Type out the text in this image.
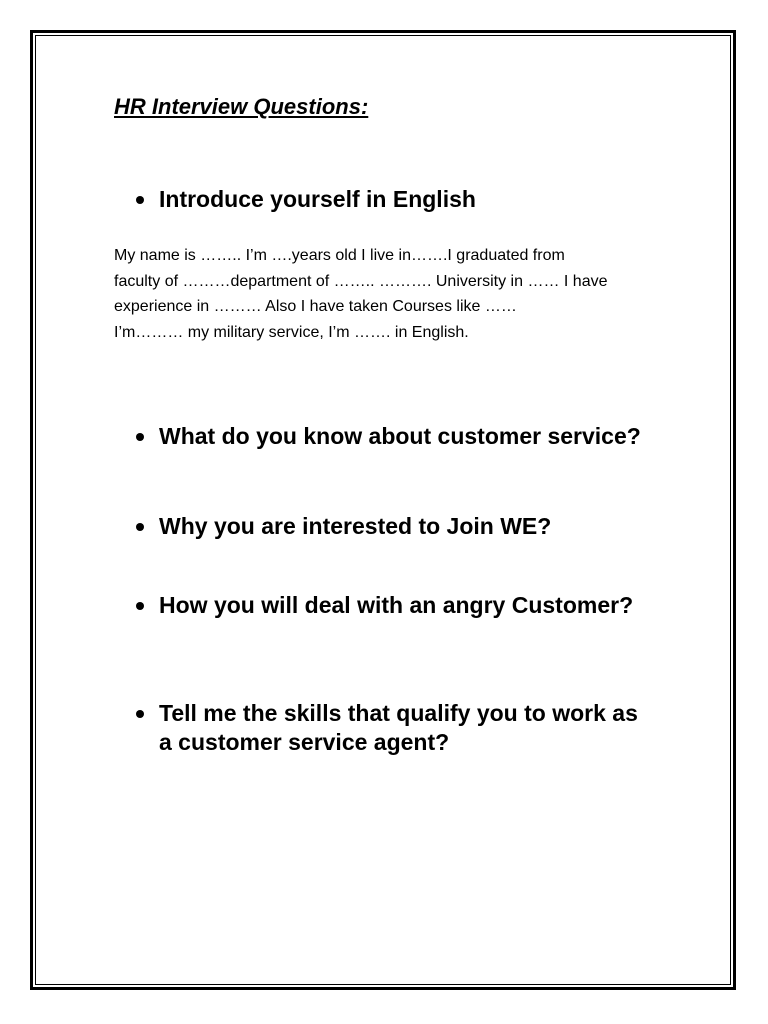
HR Interview Questions:
Introduce yourself in English

My name is …….. I’m ….years old I live in…….I graduated from
faculty of ………department of …….. ………. University in …… I have
experience in ……… Also I have taken Courses like ……
I’m……… my military service, I’m ……. in English.

What do you know about customer service?
Why you are interested to Join WE?
How you will deal with an angry Customer?
Tell me the skills that qualify you to work as a customer service agent?
